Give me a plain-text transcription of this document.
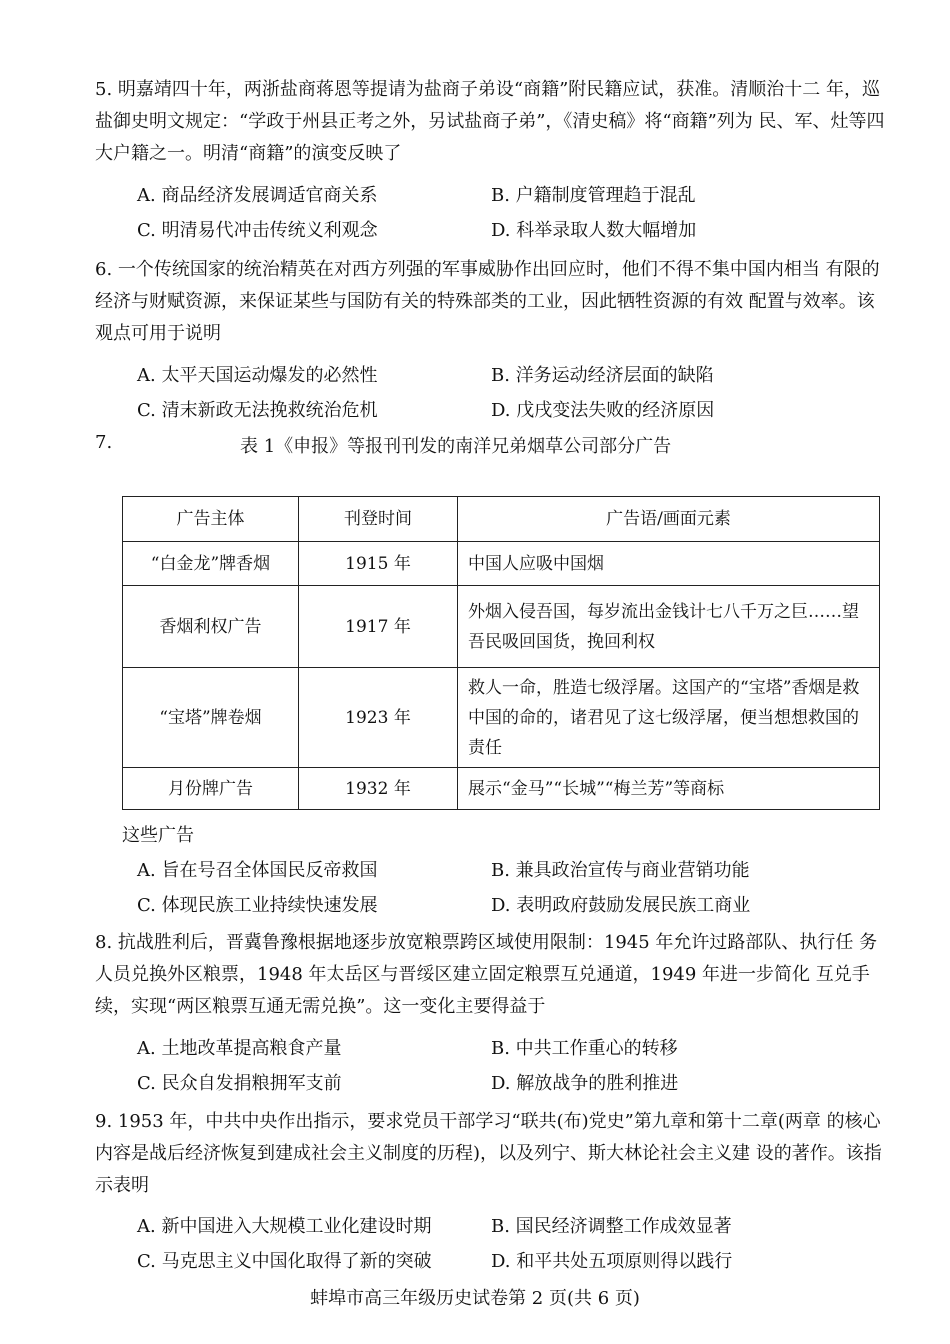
5. 明嘉靖四十年，两浙盐商蒋恩等提请为盐商子弟设“商籍”附民籍应试，获准。清顺治十二 年，巡盐御史明文规定：“学政于州县正考之外，另试盐商子弟”，《清史稿》将“商籍”列为 民、军、灶等四大户籍之一。明清“商籍”的演变反映了

A. 商品经济发展调适官商关系	B. 户籍制度管理趋于混乱
C. 明清易代冲击传统义利观念	D. 科举录取人数大幅增加

6. 一个传统国家的统治精英在对西方列强的军事威胁作出回应时，他们不得不集中国内相当 有限的经济与财赋资源，来保证某些与国防有关的特殊部类的工业，因此牺牲资源的有效 配置与效率。该观点可用于说明

A. 太平天国运动爆发的必然性	B. 洋务运动经济层面的缺陷
C. 清末新政无法挽救统治危机	D. 戊戌变法失败的经济原因
7.	表 1《申报》等报刊刊发的南洋兄弟烟草公司部分广告
广告主体	刊登时间	广告语/画面元素
“白金龙”牌香烟	1915 年	中国人应吸中国烟
香烟利权广告	1917 年	外烟入侵吾国，每岁流出金钱计七八千万之巨……望吾民吸回国货，挽回利权
“宝塔”牌卷烟	1923 年	救人一命，胜造七级浮屠。这国产的“宝塔”香烟是救中国的命的，诸君见了这七级浮屠，便当想想救国的责任
月份牌广告	1932 年	展示“金马”“长城”“梅兰芳”等商标
这些广告
A. 旨在号召全体国民反帝救国	B. 兼具政治宣传与商业营销功能
C. 体现民族工业持续快速发展	D. 表明政府鼓励发展民族工商业

8. 抗战胜利后，晋冀鲁豫根据地逐步放宽粮票跨区域使用限制：1945 年允许过路部队、执行任 务人员兑换外区粮票，1948 年太岳区与晋绥区建立固定粮票互兑通道，1949 年进一步简化 互兑手续，实现“两区粮票互通无需兑换”。这一变化主要得益于

A. 土地改革提高粮食产量	B. 中共工作重心的转移
C. 民众自发捐粮拥军支前	D. 解放战争的胜利推进

9. 1953 年，中共中央作出指示，要求党员干部学习“联共(布)党史”第九章和第十二章(两章 的核心内容是战后经济恢复到建成社会主义制度的历程)，以及列宁、斯大林论社会主义建 设的著作。该指示表明

A. 新中国进入大规模工业化建设时期	B. 国民经济调整工作成效显著
C. 马克思主义中国化取得了新的突破	D. 和平共处五项原则得以践行
蚌埠市高三年级历史试卷第 2 页(共 6 页)
